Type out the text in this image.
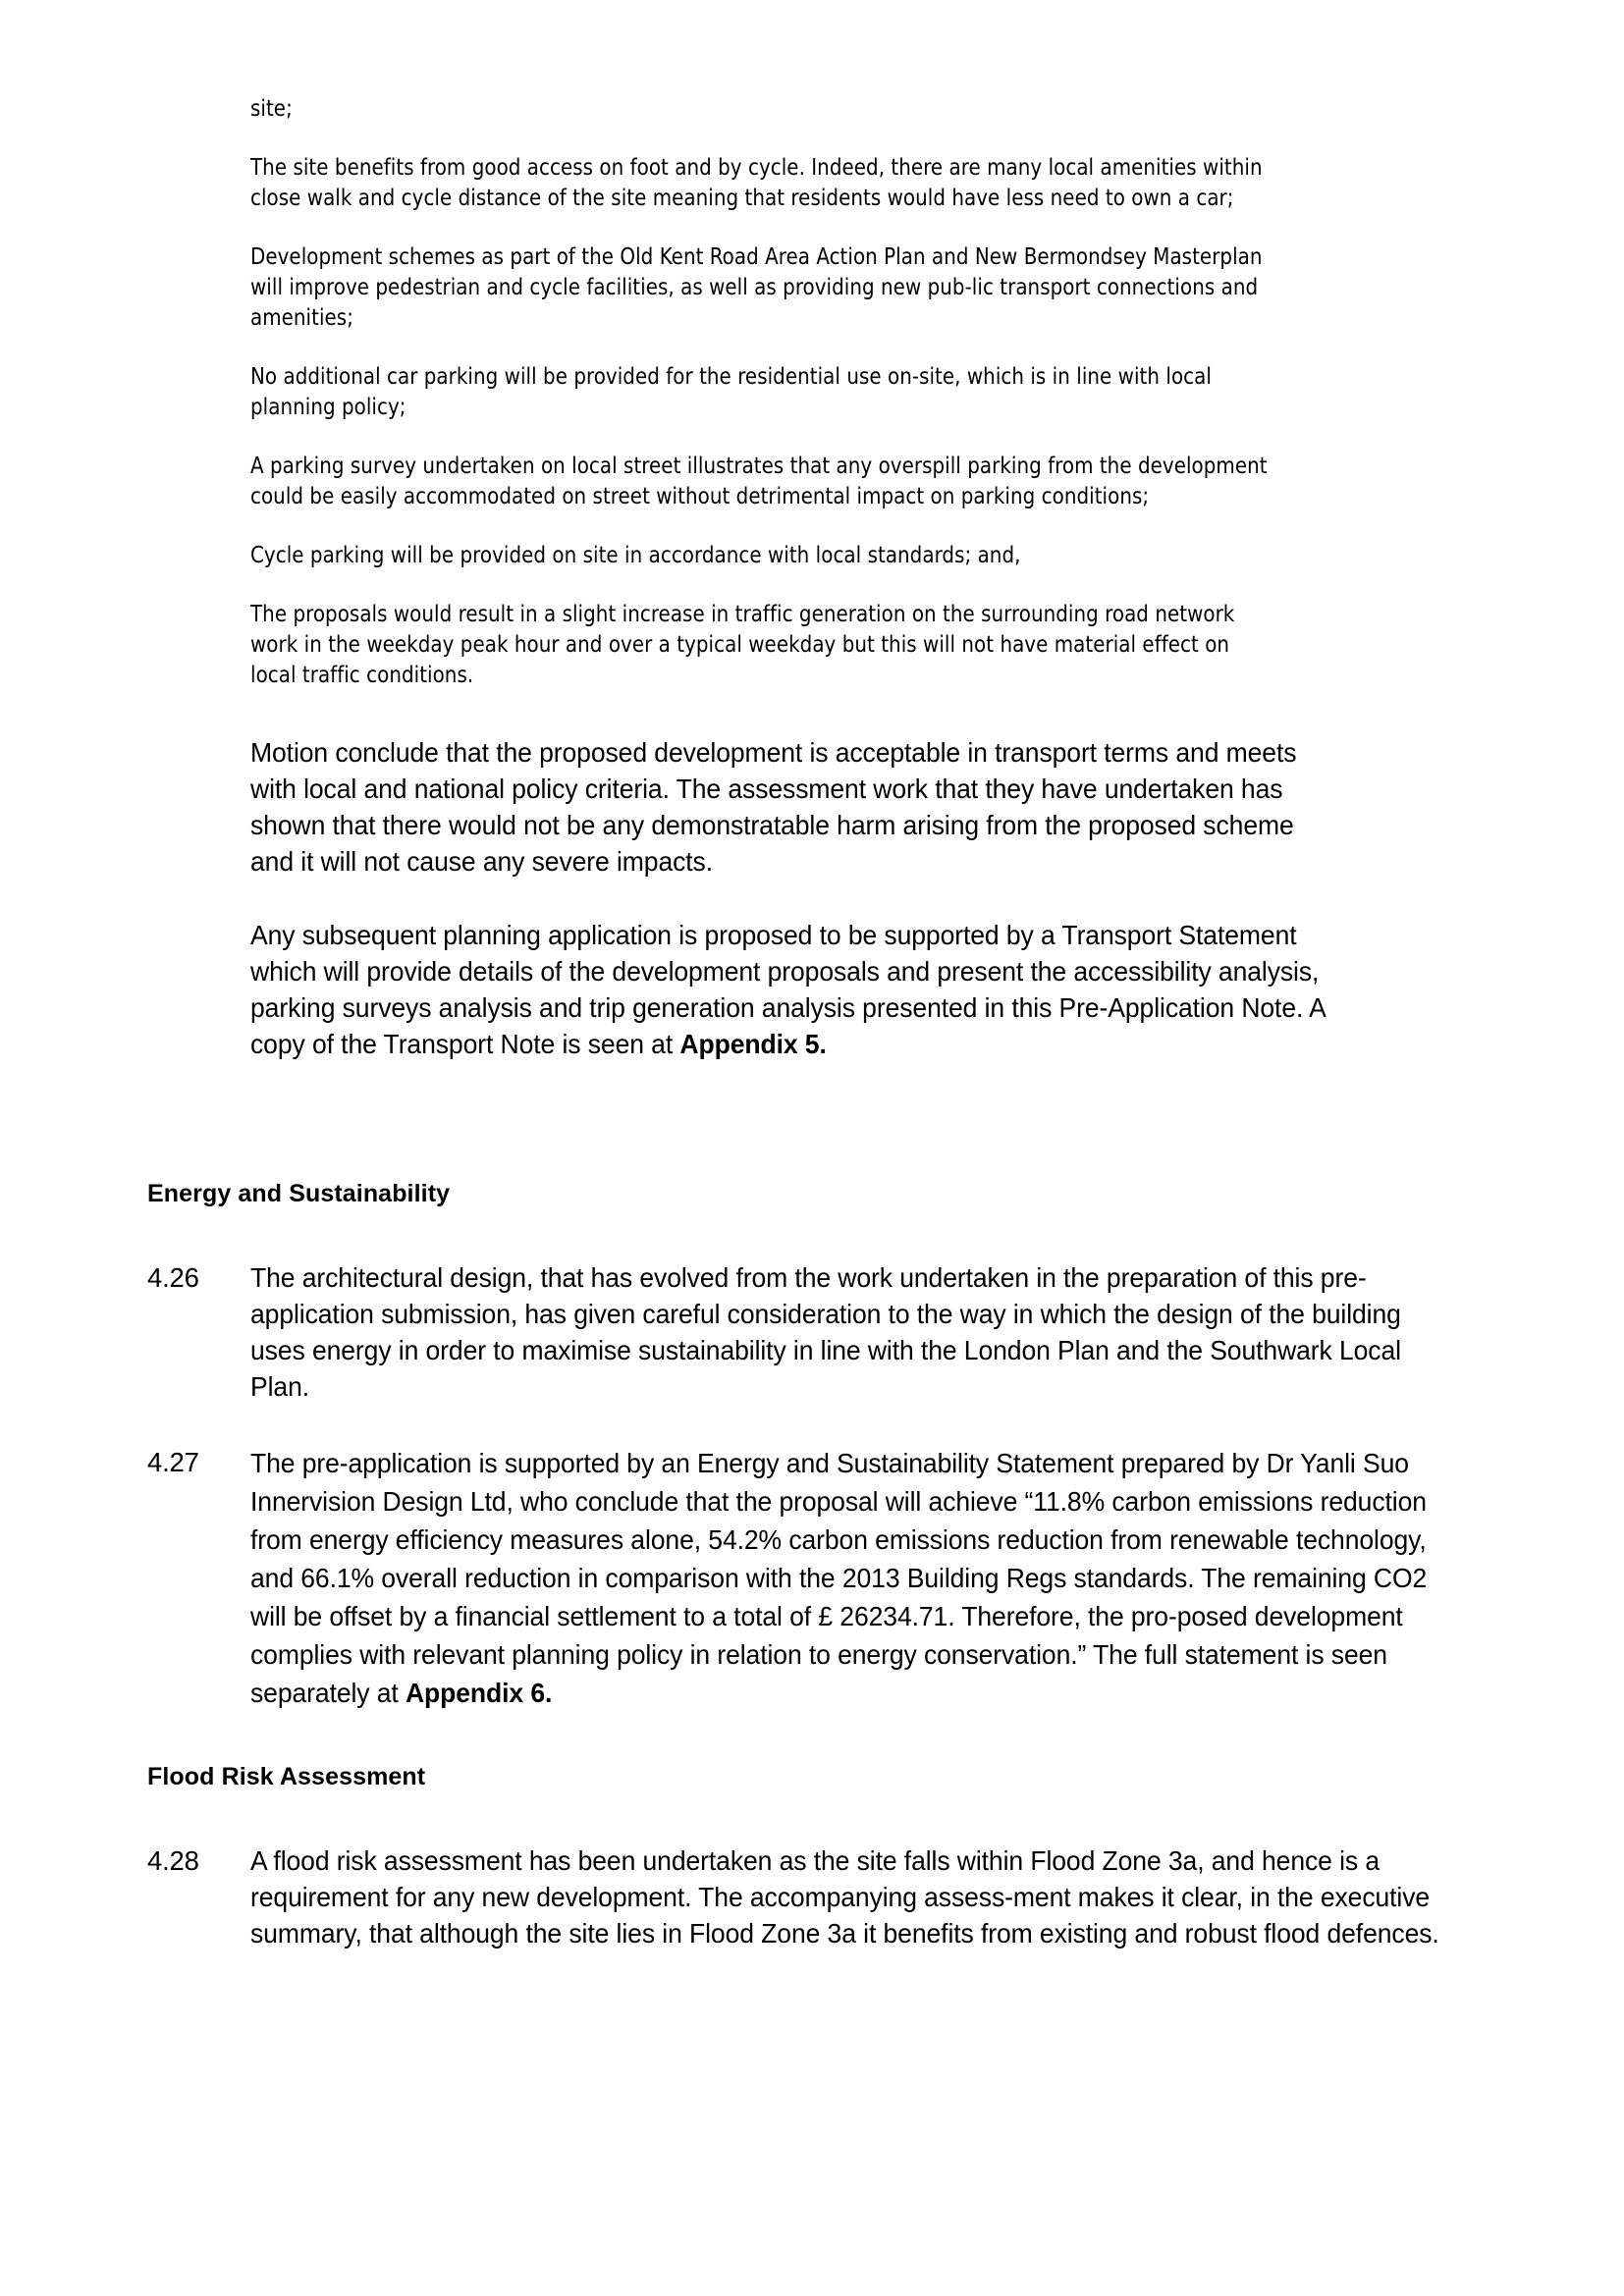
site;

The site benefits from good access on foot and by cycle. Indeed, there are many local amenities within close walk and cycle distance of the site meaning that residents would have less need to own a car;

Development schemes as part of the Old Kent Road Area Action Plan and New Bermondsey Masterplan will improve pedestrian and cycle facilities, as well as providing new pub-lic transport connections and amenities;

No additional car parking will be provided for the residential use on-site, which is in line with local planning policy;

A parking survey undertaken on local street illustrates that any overspill parking from the development could be easily accommodated on street without detrimental impact on parking conditions;

Cycle parking will be provided on site in accordance with local standards; and,

The proposals would result in a slight increase in traffic generation on the surrounding road network work in the weekday peak hour and over a typical weekday but this will not have material effect on local traffic conditions.

Motion conclude that the proposed development is acceptable in transport terms and meets with local and national policy criteria. The assessment work that they have undertaken has shown that there would not be any demonstratable harm arising from the proposed scheme and it will not cause any severe impacts.

Any subsequent planning application is proposed to be supported by a Transport Statement which will provide details of the development proposals and present the accessibility analysis, parking surveys analysis and trip generation analysis presented in this Pre-Application Note. A copy of the Transport Note is seen at Appendix 5.

Energy and Sustainability
4.26	The architectural design, that has evolved from the work undertaken in the preparation of this pre-application submission, has given careful consideration to the way in which the design of the building uses energy in order to maximise sustainability in line with the London Plan and the Southwark Local Plan.
4.27	The pre-application is supported by an Energy and Sustainability Statement prepared by Dr Yanli Suo Innervision Design Ltd, who conclude that the proposal will achieve “11.8% carbon emissions reduction from energy efficiency measures alone, 54.2% carbon emissions reduction from renewable technology, and 66.1% overall reduction in comparison with the 2013 Building Regs standards. The remaining CO2 will be offset by a financial settlement to a total of £ 26234.71. Therefore, the pro-posed development complies with relevant planning policy in relation to energy conservation.” The full statement is seen separately at Appendix 6.
Flood Risk Assessment
4.28	A flood risk assessment has been undertaken as the site falls within Flood Zone 3a, and hence is a requirement for any new development. The accompanying assess-ment makes it clear, in the executive summary, that although the site lies in Flood Zone 3a it benefits from existing and robust flood defences.
